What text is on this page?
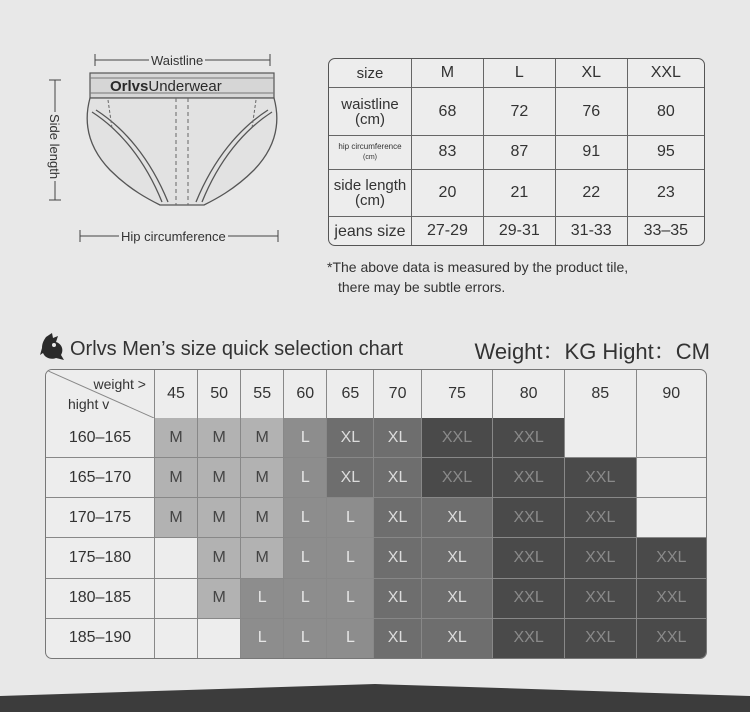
OrlvsUnderwear
Waistline
Hip circumference
Side length
size	M	L	XL	XXL
waistline
(cm)	68	72	76	80
hip circumference
(cm)	83	87	91	95
side length
(cm)	20	21	22	23
jeans size	27-29	29-31	31-33	33–35
*The above data is measured by the product tile,
there may be subtle errors.
Orlvs Men’s size quick selection chart	Weight：KG Hight：CM
weight >
hight v	45	50	55	60	65	70	75	80	85	90
160–165	M	M	M	L	XL	XL	XXL	XXL		
165–170	M	M	M	L	XL	XL	XXL	XXL	XXL	
170–175	M	M	M	L	L	XL	XL	XXL	XXL	
175–180		M	M	L	L	XL	XL	XXL	XXL	XXL
180–185		M	L	L	L	XL	XL	XXL	XXL	XXL
185–190			L	L	L	XL	XL	XXL	XXL	XXL
